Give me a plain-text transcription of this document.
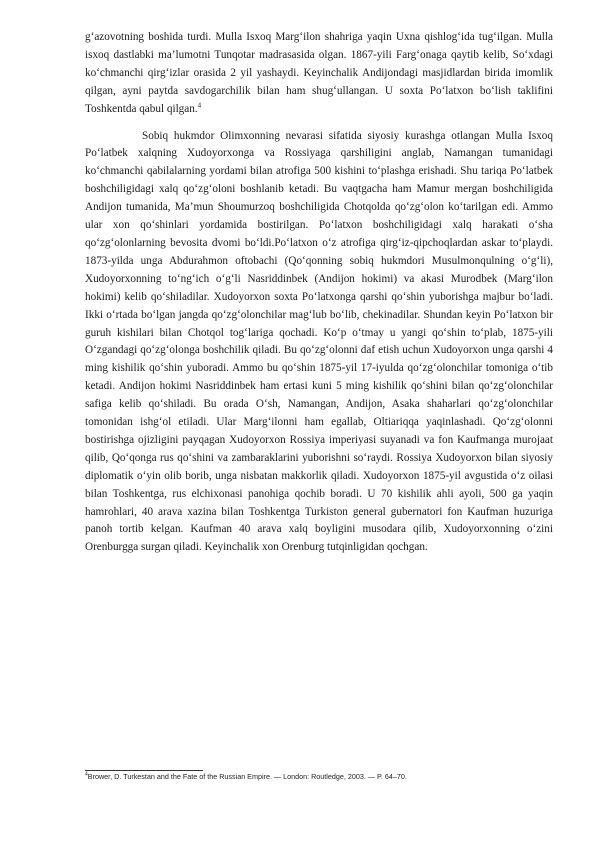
g‘azovotning boshida turdi. Mulla Isxoq Marg‘ilon shahriga yaqin Uxna qishlog‘ida tug‘ilgan. Mulla isxoq dastlabki ma’lumotni Tunqotar madrasasida olgan. 1867-yili Farg‘onaga qaytib kelib, So‘xdagi ko‘chmanchi qirg‘izlar orasida 2 yil yashaydi. Keyinchalik Andijondagi masjidlardan birida imomlik qilgan, ayni paytda savdogarchilik bilan ham shug‘ullangan. U soxta Po‘latxon bo‘lish taklifini Toshkentda qabul qilgan.$^4$

Sobiq hukmdor Olimxonning nevarasi sifatida siyosiy kurashga otlangan Mulla Isxoq Po‘latbek xalqning Xudoyorxonga va Rossiyaga qarshiligini anglab, Namangan tumanidagi ko‘chmanchi qabilalarning yordami bilan atrofiga 500 kishini to‘plashga erishadi. Shu tariqa Po‘latbek boshchiligidagi xalq qo‘zg‘oloni boshlanib ketadi. Bu vaqtgacha ham Mamur mergan boshchiligida Andijon tumanida, Ma’mun Shoumurzoq boshchiligida Chotqolda qo‘zg‘olon ko‘tarilgan edi. Ammo ular xon qo‘shinlari yordamida bostirilgan. Po‘latxon boshchiligidagi xalq harakati o‘sha qo‘zg‘olonlarning bevosita dvomi bo‘ldi.Po‘latxon o‘z atrofiga qirg‘iz-qipchoqlardan askar to‘playdi. 1873-yilda unga Abdurahmon oftobachi (Qo‘qonning sobiq hukmdori Musulmonqulning o‘g‘li), Xudoyorxonning to‘ng‘ich o‘g‘li Nasriddinbek (Andijon hokimi) va akasi Murodbek (Marg‘ilon hokimi) kelib qo‘shiladilar. Xudoyorxon soxta Po‘latxonga qarshi qo‘shin yuborishga majbur bo‘ladi. Ikki o‘rtada bo‘lgan jangda qo‘zg‘olonchilar mag‘lub bo‘lib, chekinadilar. Shundan keyin Po‘latxon bir guruh kishilari bilan Chotqol tog‘lariga qochadi. Ko‘p o‘tmay u yangi qo‘shin to‘plab, 1875-yili O‘zgandagi qo‘zg‘olonga boshchilik qiladi. Bu qo‘zg‘olonni daf etish uchun Xudoyorxon unga qarshi 4 ming kishilik qo‘shin yuboradi. Ammo bu qo‘shin 1875-yil 17-iyulda qo‘zg‘olonchilar tomoniga o‘tib ketadi. Andijon hokimi Nasriddinbek ham ertasi kuni 5 ming kishilik qo‘shini bilan qo‘zg‘olonchilar safiga kelib qo‘shiladi. Bu orada O‘sh, Namangan, Andijon, Asaka shaharlari qo‘zg‘olonchilar tomonidan ishg‘ol etiladi. Ular Marg‘ilonni ham egallab, Oltiariqqa yaqinlashadi. Qo‘zg‘olonni bostirishga ojizligini payqagan Xudoyorxon Rossiya imperiyasi suyanadi va fon Kaufmanga murojaat qilib, Qo‘qonga rus qo‘shini va zambaraklarini yuborishni so‘raydi. Rossiya Xudoyorxon bilan siyosiy diplomatik o‘yin olib borib, unga nisbatan makkorlik qiladi. Xudoyorxon 1875-yil avgustida o‘z oilasi bilan Toshkentga, rus elchixonasi panohiga qochib boradi. U 70 kishilik ahli ayoli, 500 ga yaqin hamrohlari, 40 arava xazina bilan Toshkentga Turkiston general gubernatori fon Kaufman huzuriga panoh tortib kelgan. Kaufman 40 arava xalq boyligini musodara qilib, Xudoyorxonning o‘zini Orenburgga surgan qiladi. Keyinchalik xon Orenburg tutqinligidan qochgan.

$^4$Brower, D. Turkestan and the Fate of the Russian Empire. — London: Routledge, 2003. — P. 64–70.
